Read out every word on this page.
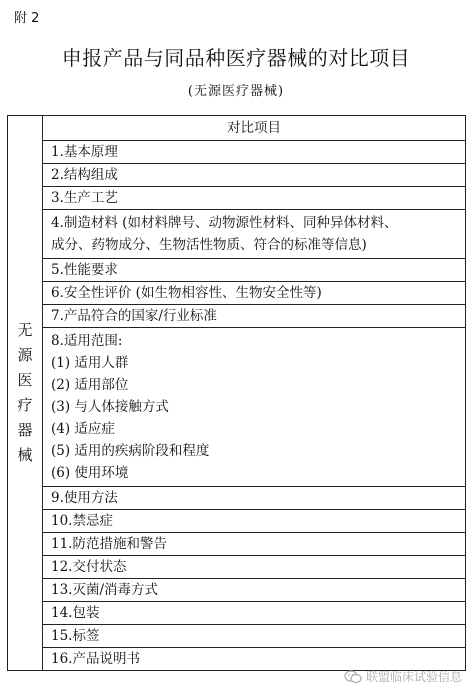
附 2
申报产品与同品种医疗器械的对比项目
(无源医疗器械)
无源医疗器械	对比项目

1.基本原理

2.结构组成

3.生产工艺

4.制造材料 (如材料牌号、动物源性材料、同种异体材料、
成分、药物成分、生物活性物质、符合的标准等信息)

5.性能要求

6.安全性评价 (如生物相容性、生物安全性等)

7.产品符合的国家/行业标准

8.适用范围:
(1) 适用人群
(2) 适用部位
(3) 与人体接触方式
(4) 适应症
(5) 适用的疾病阶段和程度
(6) 使用环境

9.使用方法

10.禁忌症

11.防范措施和警告

12.交付状态

13.灭菌/消毒方式

14.包装

15.标签

16.产品说明书
联盟临床试验信息
